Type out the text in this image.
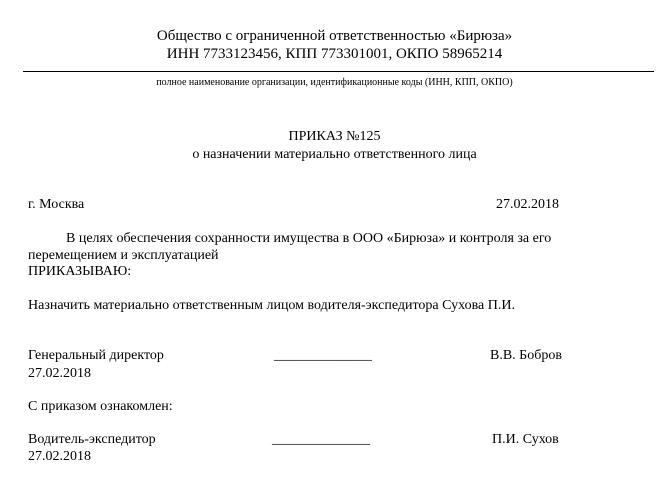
Общество с ограниченной ответственностью «Бирюза»
ИНН 7733123456, КПП 773301001, ОКПО 58965214
полное наименование организации, идентификационные коды (ИНН, КПП, ОКПО)
ПРИКАЗ №125
о назначении материально ответственного лица
г. Москва	27.02.2018
В целях обеспечения сохранности имущества в ООО «Бирюза» и контроля за его
перемещением и эксплуатацией
ПРИКАЗЫВАЮ:
Назначить материально ответственным лицом водителя-экспедитора Сухова П.И.
Генеральный директор	______________	В.В. Бобров
27.02.2018
С приказом ознакомлен:
Водитель-экспедитор	______________	П.И. Сухов
27.02.2018
